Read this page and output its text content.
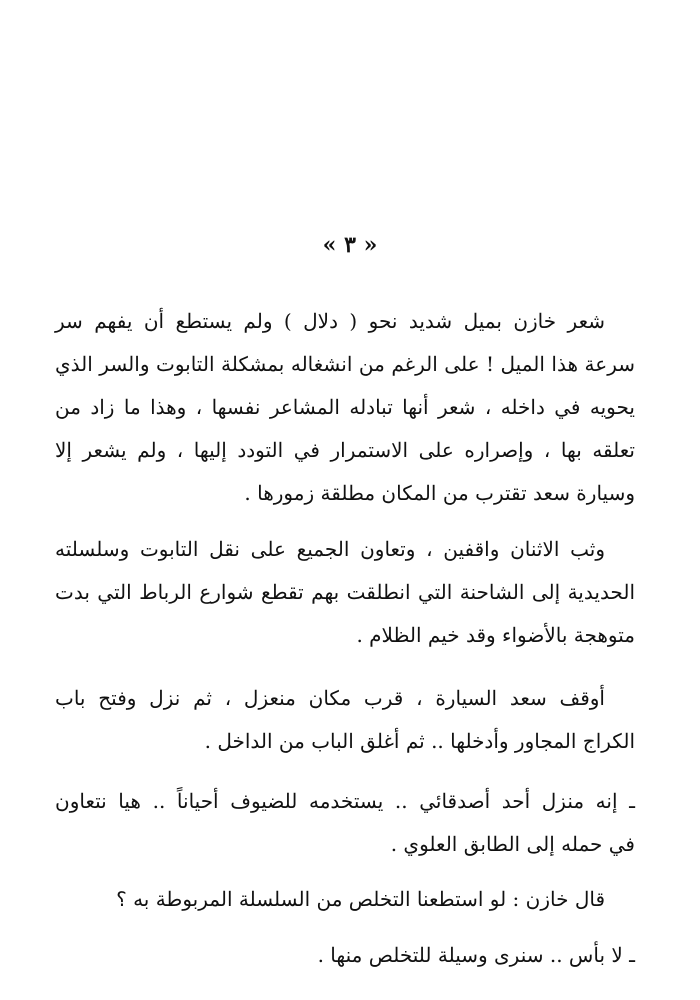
« ٣ »
شعر خازن بميل شديد نحو ( دلال ) ولم يستطع أن يفهم سر
سرعة هذا الميل ! على الرغم من انشغاله بمشكلة التابوت والسر الذي
يحويه في داخله ، شعر أنها تبادله المشاعر نفسها ، وهذا ما زاد من
تعلقه بها ، وإصراره على الاستمرار في التودد إليها ، ولم يشعر إلا
وسيارة سعد تقترب من المكان مطلقة زمورها .
وثب الاثنان واقفين ، وتعاون الجميع على نقل التابوت وسلسلته
الحديدية إلى الشاحنة التي انطلقت بهم تقطع شوارع الرباط التي بدت
متوهجة بالأضواء وقد خيم الظلام .
أوقف سعد السيارة ، قرب مكان منعزل ، ثم نزل وفتح باب
الكراج المجاور وأدخلها .. ثم أغلق الباب من الداخل .
ـ إنه منزل أحد أصدقائي .. يستخدمه للضيوف أحياناً .. هيا نتعاون
في حمله إلى الطابق العلوي .
قال خازن : لو استطعنا التخلص من السلسلة المربوطة به ؟
ـ لا بأس .. سنرى وسيلة للتخلص منها .
